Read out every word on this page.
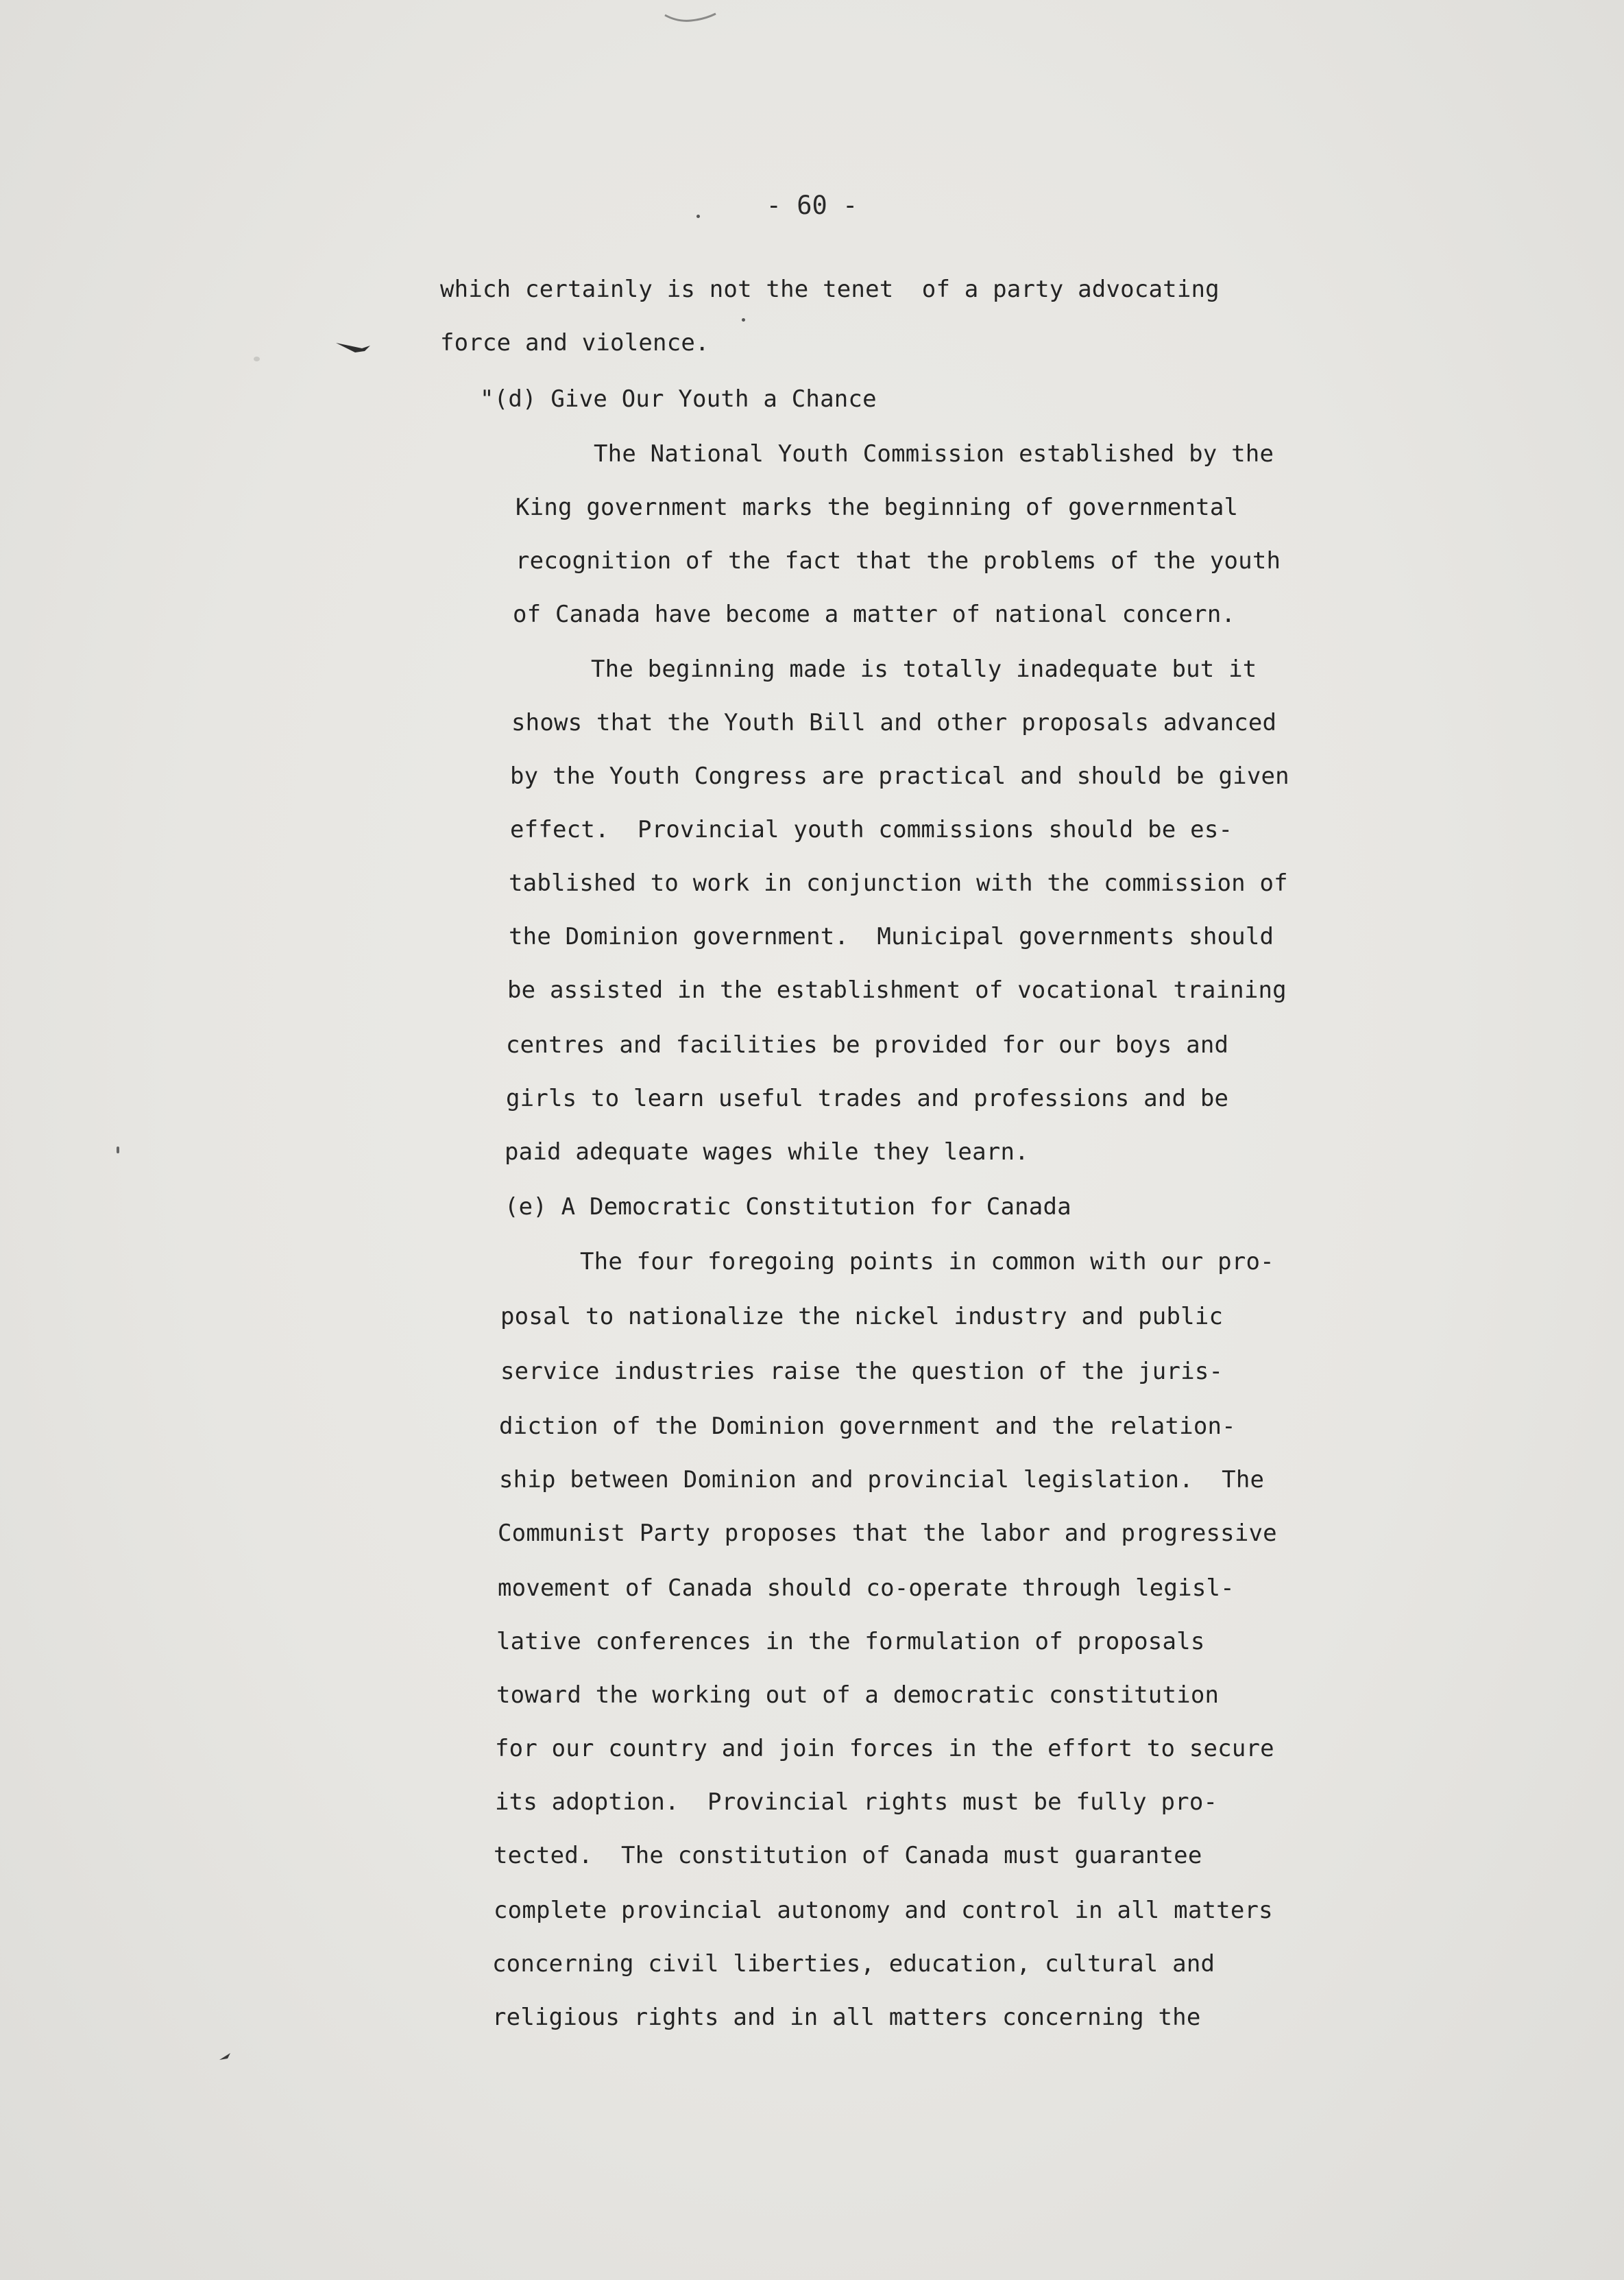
- 60 -
which certainly is not the tenet  of a party advocating
force and violence.
"(d) Give Our Youth a Chance
The National Youth Commission established by the
King government marks the beginning of governmental
recognition of the fact that the problems of the youth
of Canada have become a matter of national concern.
The beginning made is totally inadequate but it
shows that the Youth Bill and other proposals advanced
by the Youth Congress are practical and should be given
effect.  Provincial youth commissions should be es-
tablished to work in conjunction with the commission of
the Dominion government.  Municipal governments should
be assisted in the establishment of vocational training
centres and facilities be provided for our boys and
girls to learn useful trades and professions and be
paid adequate wages while they learn.
(e) A Democratic Constitution for Canada
The four foregoing points in common with our pro-
posal to nationalize the nickel industry and public
service industries raise the question of the juris-
diction of the Dominion government and the relation-
ship between Dominion and provincial legislation.  The
Communist Party proposes that the labor and progressive
movement of Canada should co-operate through legisl-
lative conferences in the formulation of proposals
toward the working out of a democratic constitution
for our country and join forces in the effort to secure
its adoption.  Provincial rights must be fully pro-
tected.  The constitution of Canada must guarantee
complete provincial autonomy and control in all matters
concerning civil liberties, education, cultural and
religious rights and in all matters concerning the
